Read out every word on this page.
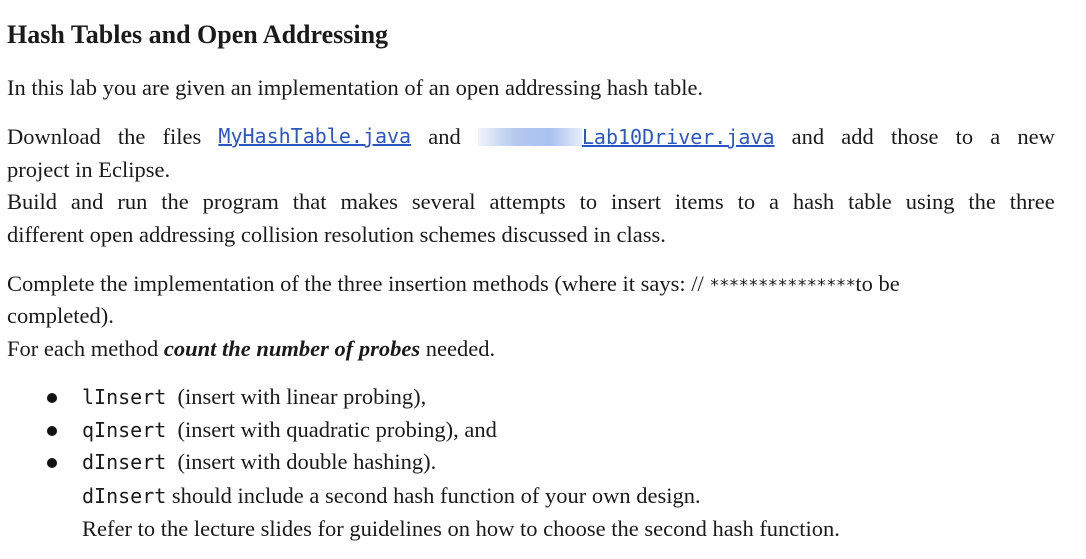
Hash Tables and Open Addressing
In this lab you are given an implementation of an open addressing hash table.
Download the files MyHashTable.java and	Lab10Driver.java and add those to a new
project in Eclipse.
Build and run the program that makes several attempts to insert items to a hash table using the three
different open addressing collision resolution schemes discussed in class.
Complete the implementation of the three insertion methods (where it says: // ***************to be
completed).
For each method count the number of probes needed.
lInsert (insert with linear probing),
qInsert (insert with quadratic probing), and
dInsert (insert with double hashing).
dInsert should include a second hash function of your own design.
Refer to the lecture slides for guidelines on how to choose the second hash function.
